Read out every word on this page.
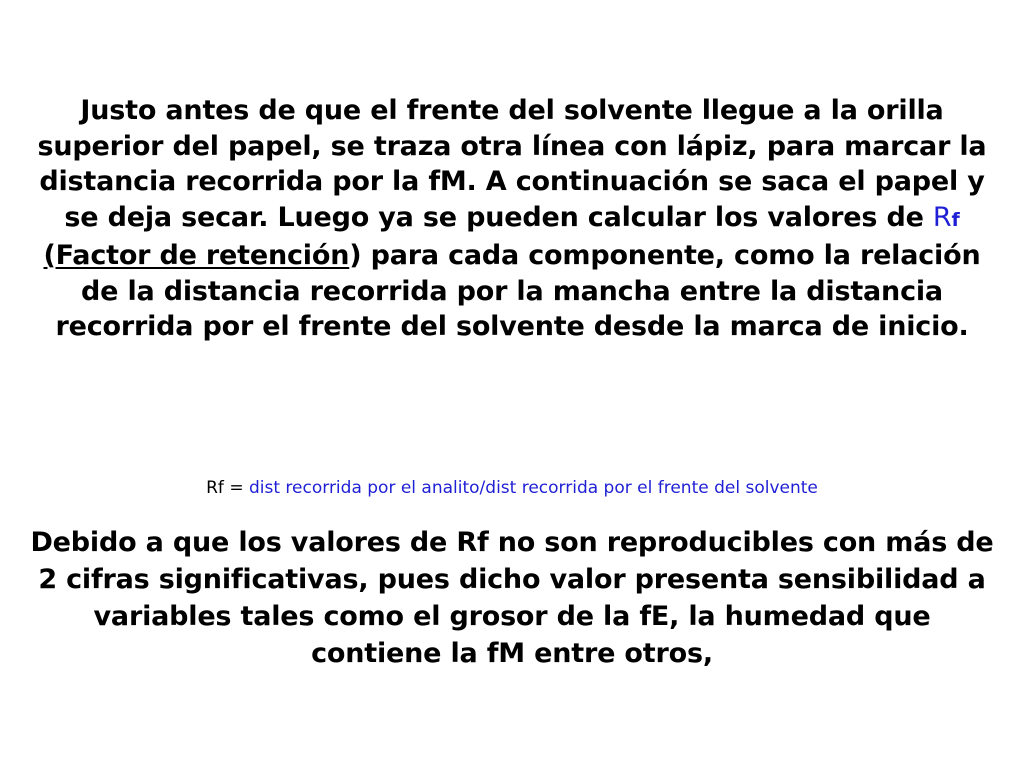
Justo antes de que el frente del solvente llegue a la orilla superior del papel, se traza otra línea con lápiz, para marcar la distancia recorrida por la fM. A continuación se saca el papel y se deja secar. Luego ya se pueden calcular los valores de Rf (Factor de retención) para cada componente, como la relación de la distancia recorrida por la mancha entre la distancia recorrida por el frente del solvente desde la marca de inicio.
Rf = dist recorrida por el analito/dist recorrida por el frente del solvente
Debido a que los valores de Rf no son reproducibles con más de 2 cifras significativas, pues dicho valor presenta sensibilidad a variables tales como el grosor de la fE, la humedad que contiene la fM entre otros,
